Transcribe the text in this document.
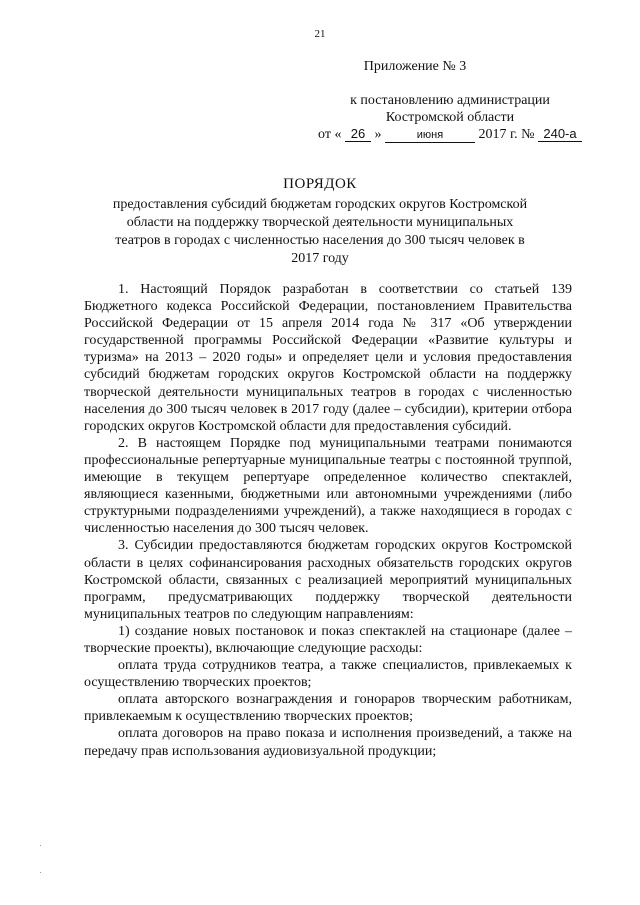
21
Приложение № 3
к постановлению администрации
Костромской области
от « 26 »	июня	2017 г. № 240-а
ПОРЯДОК
предоставления субсидий бюджетам городских округов Костромской области на поддержку творческой деятельности муниципальных театров в городах с численностью населения до 300 тысяч человек в 2017 году

1. Настоящий Порядок разработан в соответствии со статьей 139 Бюджетного кодекса Российской Федерации, постановлением Правительства Российской Федерации от 15 апреля 2014 года № 317 «Об утверждении государственной программы Российской Федерации «Развитие культуры и туризма» на 2013 – 2020 годы» и определяет цели и условия предоставления субсидий бюджетам городских округов Костромской области на поддержку творческой деятельности муниципальных театров в городах с численностью населения до 300 тысяч человек в 2017 году (далее – субсидии), критерии отбора городских округов Костромской области для предоставления субсидий.

2. В настоящем Порядке под муниципальными театрами понимаются профессиональные репертуарные муниципальные театры с постоянной труппой, имеющие в текущем репертуаре определенное количество спектаклей, являющиеся казенными, бюджетными или автономными учреждениями (либо структурными подразделениями учреждений), а также находящиеся в городах с численностью населения до 300 тысяч человек.

3. Субсидии предоставляются бюджетам городских округов Костромской области в целях софинансирования расходных обязательств городских округов Костромской области, связанных с реализацией мероприятий муниципальных программ, предусматривающих поддержку творческой деятельности муниципальных театров по следующим направлениям:

1) создание новых постановок и показ спектаклей на стационаре (далее – творческие проекты), включающие следующие расходы:

оплата труда сотрудников театра, а также специалистов, привлекаемых к осуществлению творческих проектов;

оплата авторского вознаграждения и гонораров творческим работникам, привлекаемым к осуществлению творческих проектов;

оплата договоров на право показа и исполнения произведений, а также на передачу прав использования аудиовизуальной продукции;
